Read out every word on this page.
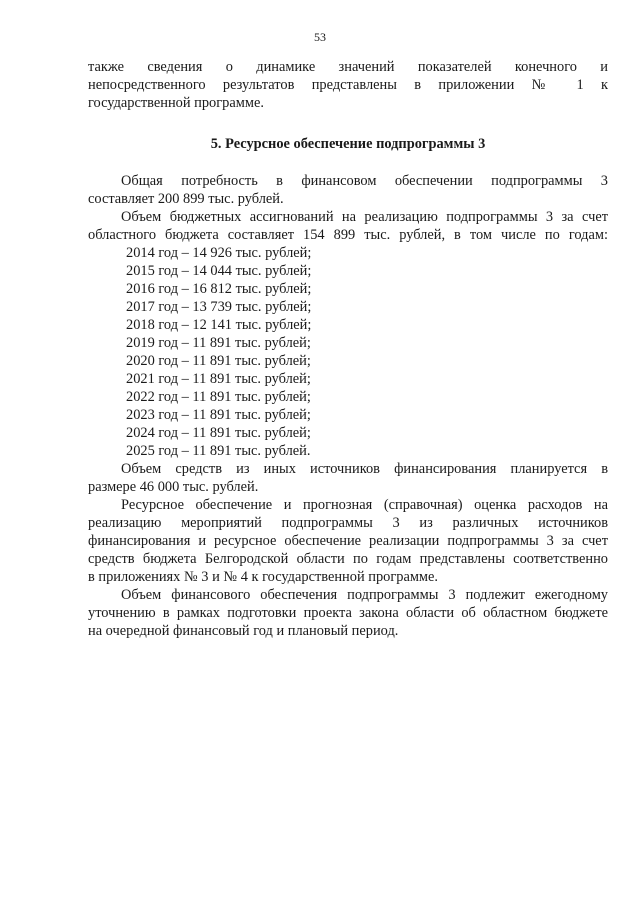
53

также сведения о динамике значений показателей конечного и

непосредственного результатов представлены в приложении № 1 к

государственной программе.

5. Ресурсное обеспечение подпрограммы 3

Общая потребность в финансовом обеспечении подпрограммы 3

составляет 200 899 тыс. рублей.

Объем бюджетных ассигнований на реализацию подпрограммы 3 за счет

областного бюджета составляет 154 899 тыс. рублей, в том числе по годам:

2014 год – 14 926 тыс. рублей;

2015 год – 14 044 тыс. рублей;

2016 год – 16 812 тыс. рублей;

2017 год – 13 739 тыс. рублей;

2018 год – 12 141 тыс. рублей;

2019 год – 11 891 тыс. рублей;

2020 год – 11 891 тыс. рублей;

2021 год – 11 891 тыс. рублей;

2022 год – 11 891 тыс. рублей;

2023 год – 11 891 тыс. рублей;

2024 год – 11 891 тыс. рублей;

2025 год – 11 891 тыс. рублей.

Объем средств из иных источников финансирования планируется в

размере 46 000 тыс. рублей.

Ресурсное обеспечение и прогнозная (справочная) оценка расходов на

реализацию мероприятий подпрограммы 3 из различных источников

финансирования и ресурсное обеспечение реализации подпрограммы 3 за счет

средств бюджета Белгородской области по годам представлены соответственно

в приложениях № 3 и № 4 к государственной программе.

Объем финансового обеспечения подпрограммы 3 подлежит ежегодному

уточнению в рамках подготовки проекта закона области об областном бюджете

на очередной финансовый год и плановый период.
